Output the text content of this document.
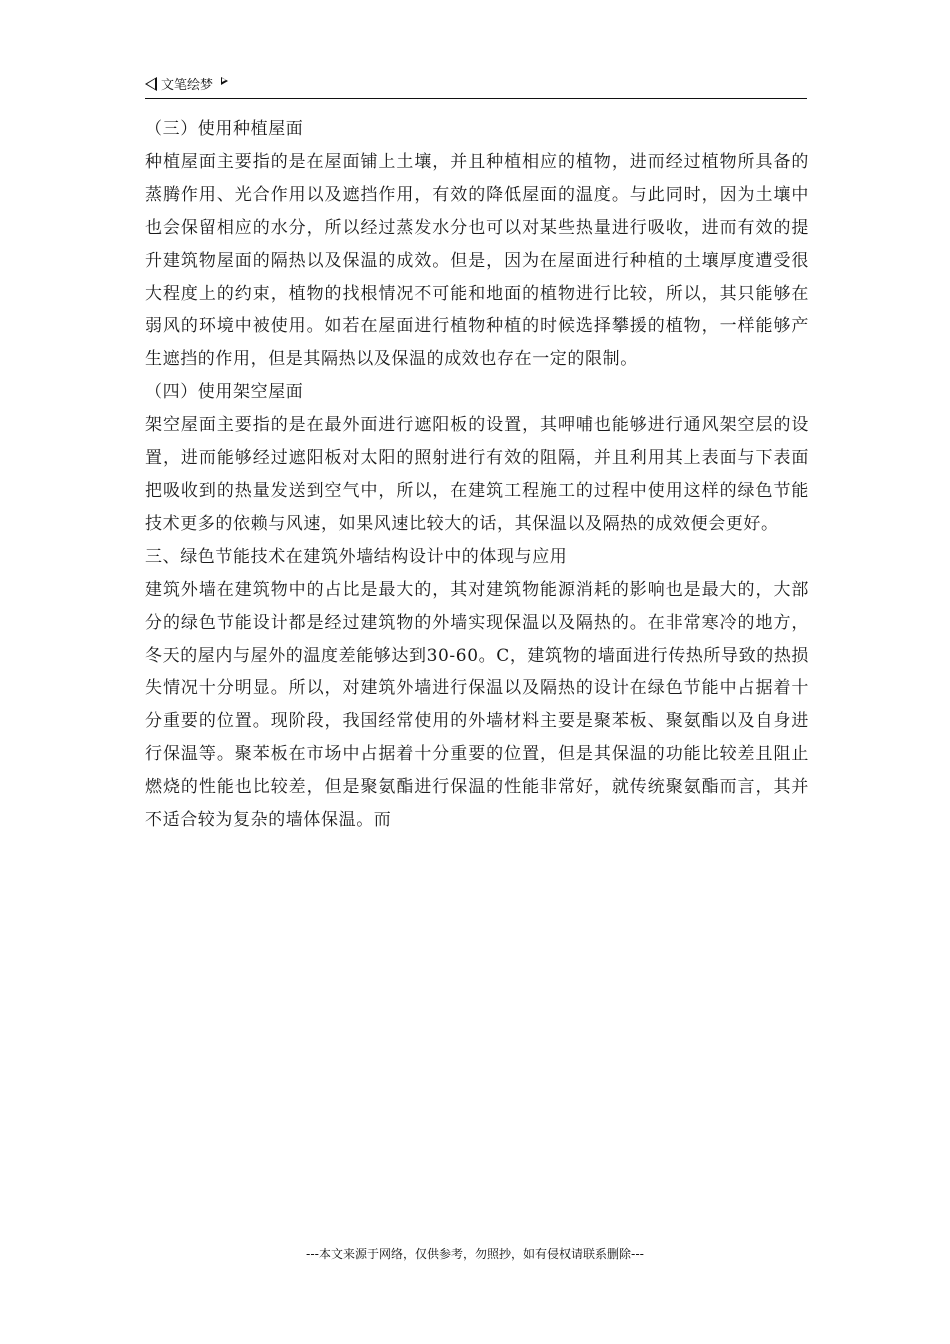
文笔绘梦

（三）使用种植屋面

种植屋面主要指的是在屋面铺上土壤，并且种植相应的植物，进而经过植物所具备的蒸腾作用、光合作用以及遮挡作用，有效的降低屋面的温度。与此同时，因为土壤中也会保留相应的水分，所以经过蒸发水分也可以对某些热量进行吸收，进而有效的提升建筑物屋面的隔热以及保温的成效。但是，因为在屋面进行种植的土壤厚度遭受很大程度上的约束，植物的找根情况不可能和地面的植物进行比较，所以，其只能够在弱风的环境中被使用。如若在屋面进行植物种植的时候选择攀援的植物，一样能够产生遮挡的作用，但是其隔热以及保温的成效也存在一定的限制。

（四）使用架空屋面

架空屋面主要指的是在最外面进行遮阳板的设置，其呷哺也能够进行通风架空层的设置，进而能够经过遮阳板对太阳的照射进行有效的阻隔，并且利用其上表面与下表面把吸收到的热量发送到空气中，所以，在建筑工程施工的过程中使用这样的绿色节能技术更多的依赖与风速，如果风速比较大的话，其保温以及隔热的成效便会更好。

三、绿色节能技术在建筑外墙结构设计中的体现与应用

建筑外墙在建筑物中的占比是最大的，其对建筑物能源消耗的影响也是最大的，大部分的绿色节能设计都是经过建筑物的外墙实现保温以及隔热的。在非常寒冷的地方，冬天的屋内与屋外的温度差能够达到30-60。C，建筑物的墙面进行传热所导致的热损失情况十分明显。所以，对建筑外墙进行保温以及隔热的设计在绿色节能中占据着十分重要的位置。现阶段，我国经常使用的外墙材料主要是聚苯板、聚氨酯以及自身进行保温等。聚苯板在市场中占据着十分重要的位置，但是其保温的功能比较差且阻止燃烧的性能也比较差，但是聚氨酯进行保温的性能非常好，就传统聚氨酯而言，其并不适合较为复杂的墙体保温。而

---本文来源于网络，仅供参考，勿照抄，如有侵权请联系删除---
